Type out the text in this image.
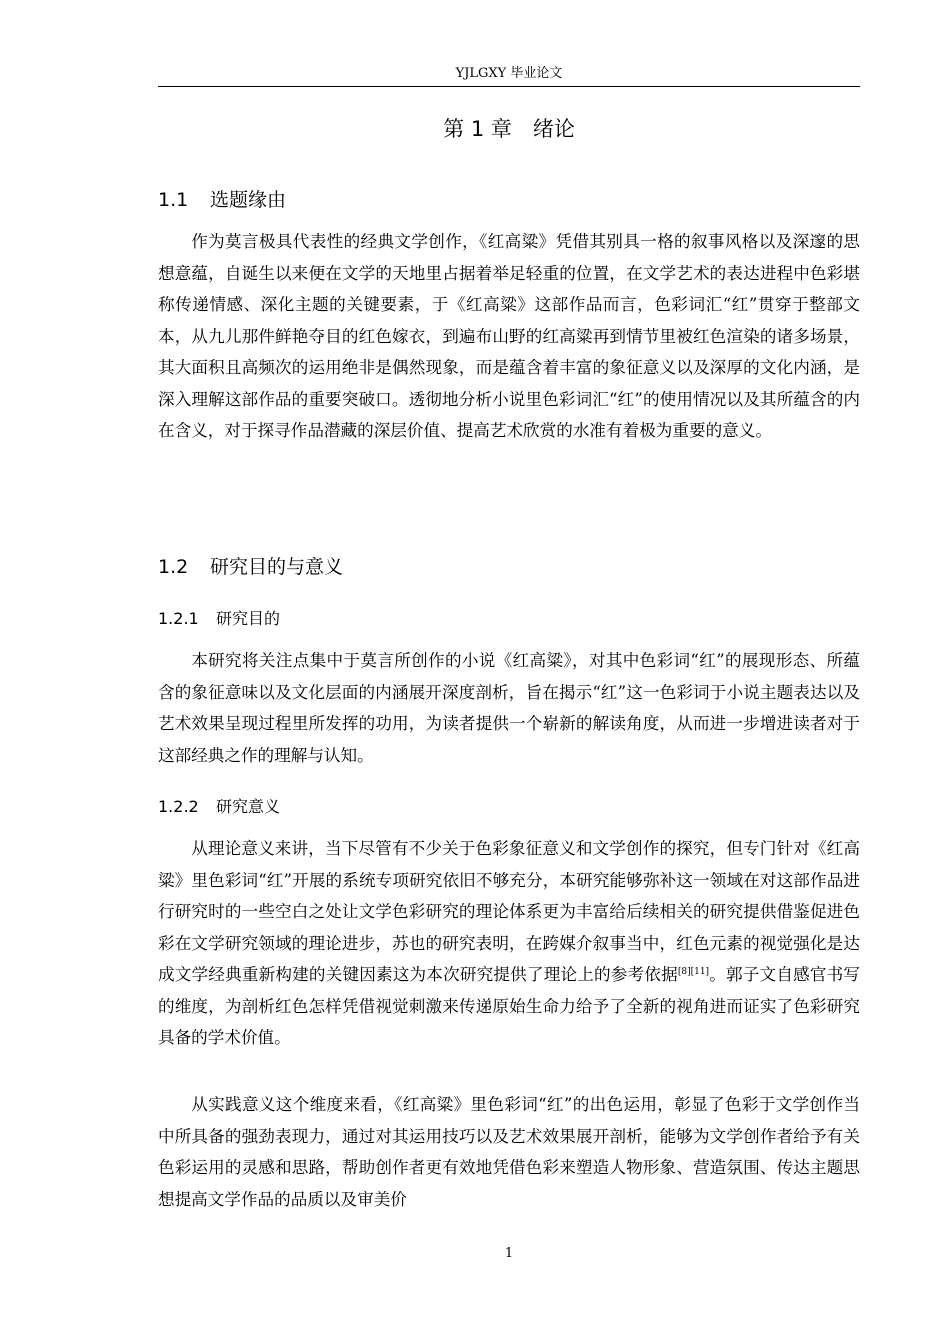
YJLGXY 毕业论文
第 1 章　绪论
1.1 选题缘由

作为莫言极具代表性的经典文学创作，《红高粱》凭借其别具一格的叙事风格以及深邃的思想意蕴，自诞生以来便在文学的天地里占据着举足轻重的位置，在文学艺术的表达进程中色彩堪称传递情感、深化主题的关键要素，于《红高粱》这部作品而言，色彩词汇“红”贯穿于整部文本，从九儿那件鲜艳夺目的红色嫁衣，到遍布山野的红高粱再到情节里被红色渲染的诸多场景，其大面积且高频次的运用绝非是偶然现象，而是蕴含着丰富的象征意义以及深厚的文化内涵，是深入理解这部作品的重要突破口。透彻地分析小说里色彩词汇“红”的使用情况以及其所蕴含的内在含义，对于探寻作品潜藏的深层价值、提高艺术欣赏的水准有着极为重要的意义。

1.2 研究目的与意义
1.2.1 研究目的

本研究将关注点集中于莫言所创作的小说《红高粱》，对其中色彩词“红”的展现形态、所蕴含的象征意味以及文化层面的内涵展开深度剖析，旨在揭示“红”这一色彩词于小说主题表达以及艺术效果呈现过程里所发挥的功用，为读者提供一个崭新的解读角度，从而进一步增进读者对于这部经典之作的理解与认知。

1.2.2 研究意义

从理论意义来讲，当下尽管有不少关于色彩象征意义和文学创作的探究，但专门针对《红高粱》里色彩词“红”开展的系统专项研究依旧不够充分，本研究能够弥补这一领域在对这部作品进行研究时的一些空白之处让文学色彩研究的理论体系更为丰富给后续相关的研究提供借鉴促进色彩在文学研究领域的理论进步，苏也的研究表明，在跨媒介叙事当中，红色元素的视觉强化是达成文学经典重新构建的关键因素这为本次研究提供了理论上的参考依据[8][11]。郭子文自感官书写的维度，为剖析红色怎样凭借视觉刺激来传递原始生命力给予了全新的视角进而证实了色彩研究具备的学术价值。

从实践意义这个维度来看，《红高粱》里色彩词“红”的出色运用，彰显了色彩于文学创作当中所具备的强劲表现力，通过对其运用技巧以及艺术效果展开剖析，能够为文学创作者给予有关色彩运用的灵感和思路，帮助创作者更有效地凭借色彩来塑造人物形象、营造氛围、传达主题思想提高文学作品的品质以及审美价

1
